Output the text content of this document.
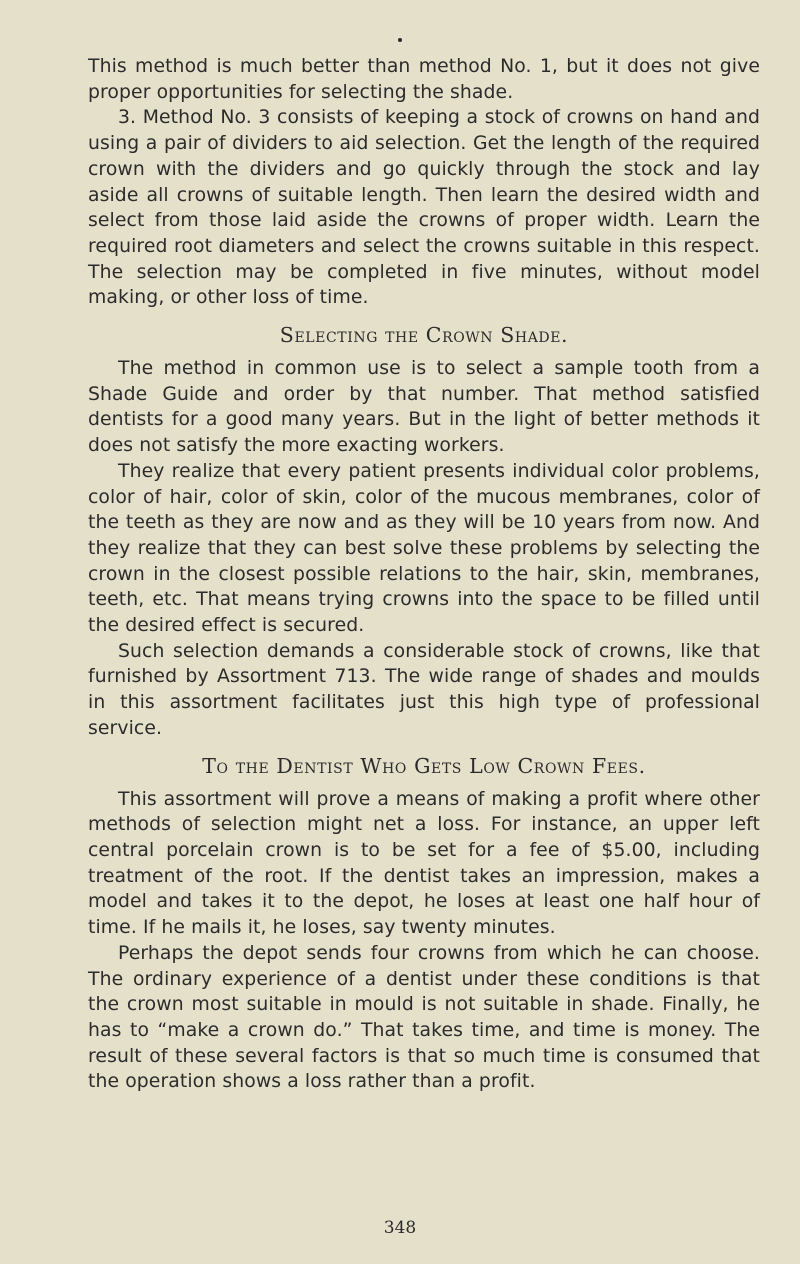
This method is much better than method No. 1, but it does not give proper opportunities for selecting the shade.

3. Method No. 3 consists of keeping a stock of crowns on hand and using a pair of dividers to aid selection. Get the length of the required crown with the dividers and go quickly through the stock and lay aside all crowns of suitable length. Then learn the desired width and select from those laid aside the crowns of proper width. Learn the required root diameters and select the crowns suitable in this respect. The selection may be completed in five minutes, without model making, or other loss of time.

Selecting the Crown Shade.

The method in common use is to select a sample tooth from a Shade Guide and order by that number. That method satisfied dentists for a good many years. But in the light of better methods it does not satisfy the more exacting workers.

They realize that every patient presents individual color problems, color of hair, color of skin, color of the mucous membranes, color of the teeth as they are now and as they will be 10 years from now. And they realize that they can best solve these problems by selecting the crown in the closest possible relations to the hair, skin, membranes, teeth, etc. That means trying crowns into the space to be filled until the desired effect is secured.

Such selection demands a considerable stock of crowns, like that furnished by Assortment 713. The wide range of shades and moulds in this assortment facilitates just this high type of professional service.

To the Dentist Who Gets Low Crown Fees.

This assortment will prove a means of making a profit where other methods of selection might net a loss. For instance, an upper left central porcelain crown is to be set for a fee of $5.00, including treatment of the root. If the dentist takes an impression, makes a model and takes it to the depot, he loses at least one half hour of time. If he mails it, he loses, say twenty minutes.

Perhaps the depot sends four crowns from which he can choose. The ordinary experience of a dentist under these conditions is that the crown most suitable in mould is not suitable in shade. Finally, he has to “make a crown do.” That takes time, and time is money. The result of these several factors is that so much time is consumed that the operation shows a loss rather than a profit.

348
